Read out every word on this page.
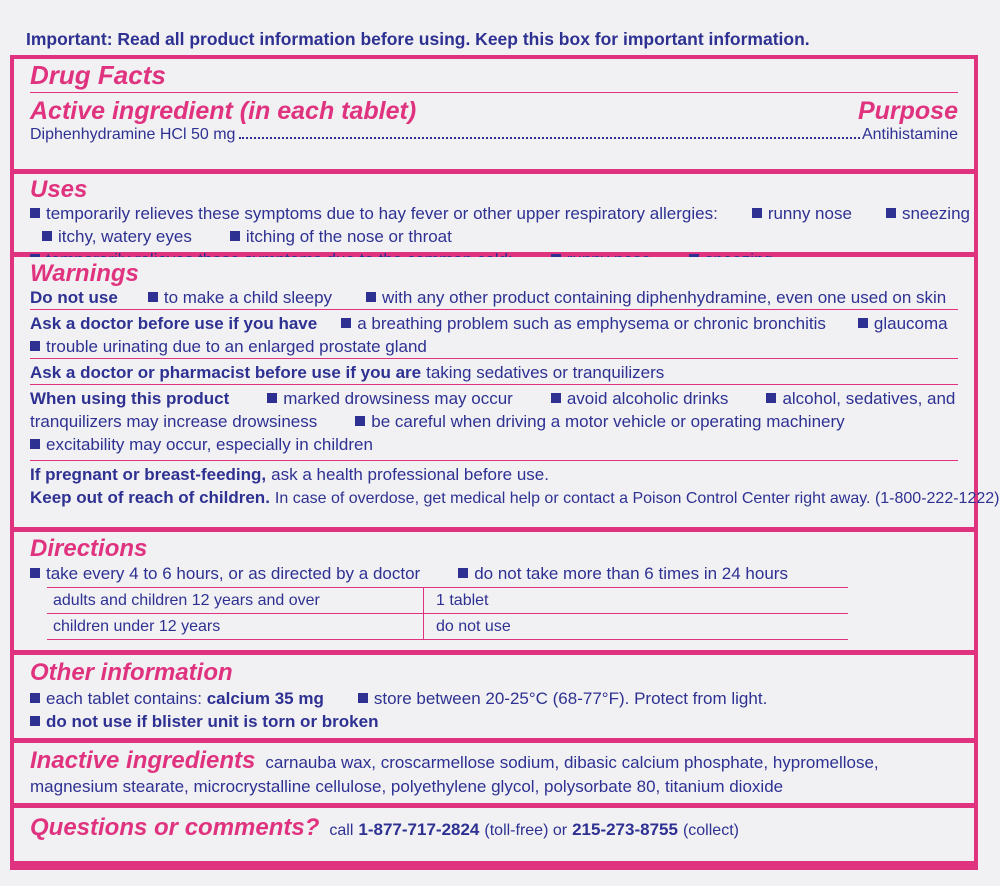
Important: Read all product information before using. Keep this box for important information.
Drug Facts
Active ingredient (in each tablet)	Purpose
Diphenhydramine HCl 50 mg	Antihistamine
Uses
temporarily relieves these symptoms due to hay fever or other upper respiratory allergies:	runny nose	sneezing
itchy, watery eyes	itching of the nose or throat
Warnings
Do not use	to make a child sleepy	with any other product containing diphenhydramine, even one used on skin
Ask a doctor before use if you have	a breathing problem such as emphysema or chronic bronchitis	glaucoma
trouble urinating due to an enlarged prostate gland
Ask a doctor or pharmacist before use if you are taking sedatives or tranquilizers
When using this product	marked drowsiness may occur	avoid alcoholic drinks	alcohol, sedatives, and
tranquilizers may increase drowsiness	be careful when driving a motor vehicle or operating machinery
excitability may occur, especially in children
If pregnant or breast-feeding, ask a health professional before use.
Keep out of reach of children. In case of overdose, get medical help or contact a Poison Control Center right away. (1-800-222-1222)
Directions
take every 4 to 6 hours, or as directed by a doctor	do not take more than 6 times in 24 hours
adults and children 12 years and over	1 tablet
children under 12 years	do not use
Other information
each tablet contains: calcium 35 mg	store between 20-25°C (68-77°F). Protect from light.
do not use if blister unit is torn or broken
Inactive ingredients carnauba wax, croscarmellose sodium, dibasic calcium phosphate, hypromellose,
magnesium stearate, microcrystalline cellulose, polyethylene glycol, polysorbate 80, titanium dioxide
Questions or comments? call 1-877-717-2824 (toll-free) or 215-273-8755 (collect)
